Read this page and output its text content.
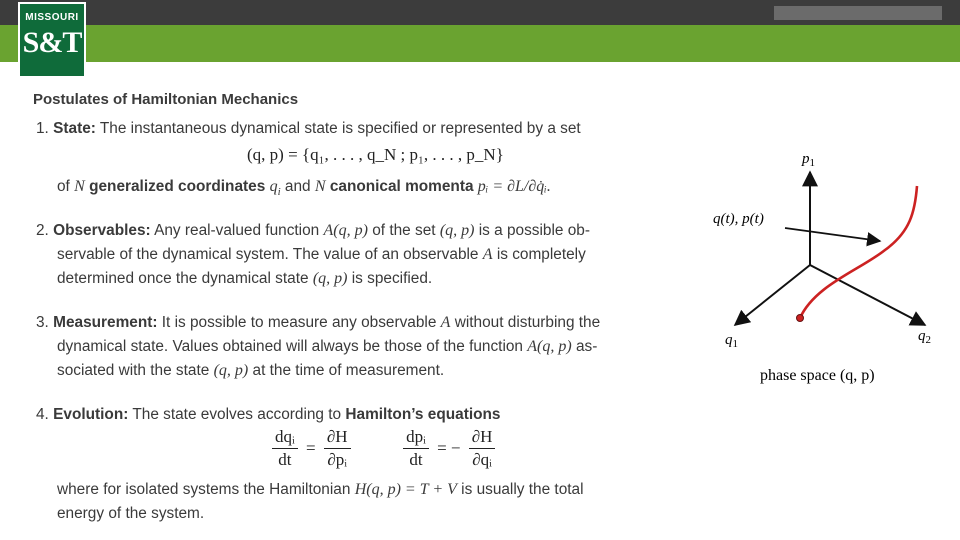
MISSOURI
S&T
Postulates of Hamiltonian Mechanics
1. State: The instantaneous dynamical state is specified or represented by a set
(q, p) = {q₁, . . . , q_N ; p₁, . . . , p_N}
of N generalized coordinates $q_i$ and N canonical momenta pᵢ = ∂L/∂q̇ᵢ.
2. Observables: Any real-valued function A(q, p) of the set (q, p) is a possible ob-
servable of the dynamical system. The value of an observable A is completely
determined once the dynamical state (q, p) is specified.
3. Measurement: It is possible to measure any observable A without disturbing the
dynamical state. Values obtained will always be those of the function A(q, p) as-
sociated with the state (q, p) at the time of measurement.
4. Evolution: The state evolves according to Hamilton’s equations
$\frac{\text{dqᵢ}}{dt} = \frac{\partial H}{\text{∂pᵢ}}$
	$\frac{\text{dpᵢ}}{dt}$ = − $\frac{\partial H}{\text{∂qᵢ}}$
where for isolated systems the Hamiltonian H(q, p) = T + V is usually the total
energy of the system.
$p_1$
$q_1$	$q_2$
q(t), p(t)
phase space (q, p)
